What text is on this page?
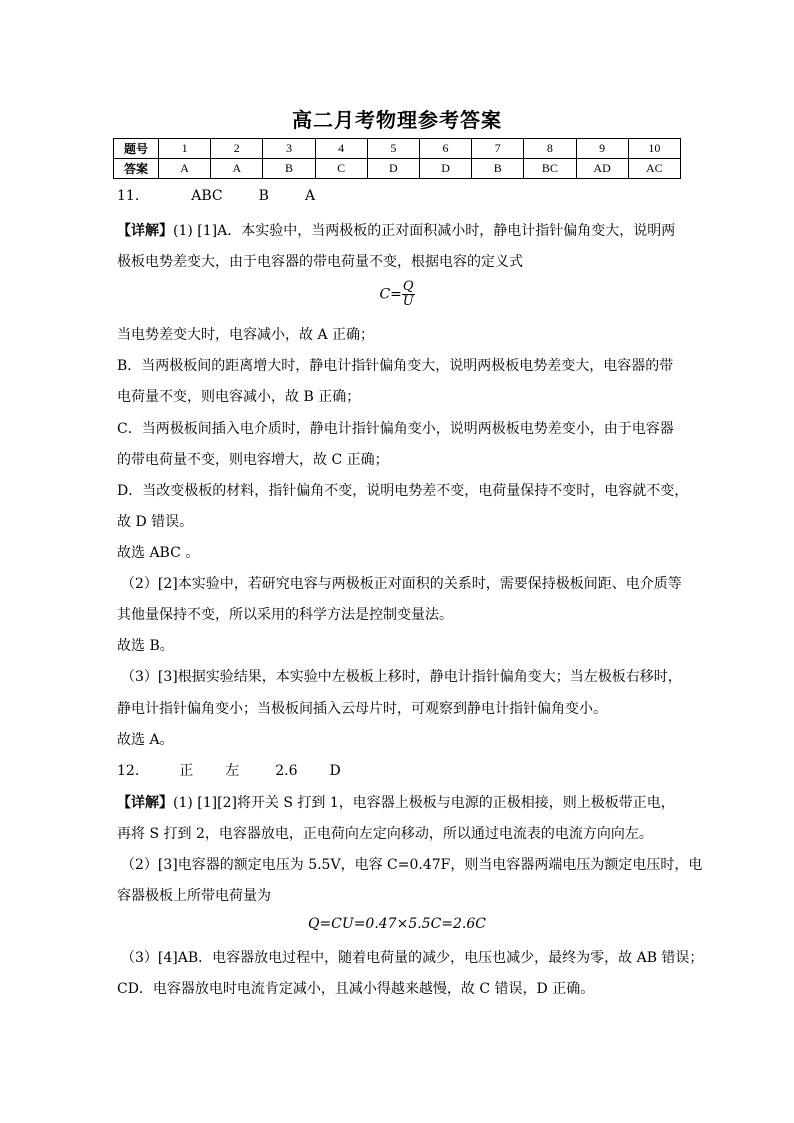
高二月考物理参考答案
题号	1	2	3	4	5	6	7	8	9	10
答案	A	A	B	C	D	D	B	BC	AD	AC
11.	ABC	B	A
【详解】(1) [1]A．本实验中，当两极板的正对面积减小时，静电计指针偏角变大，说明两
极板电势差变大，由于电容器的带电荷量不变，根据电容的定义式
$C= \frac{Q}{U}$
当电势差变大时，电容减小，故 A 正确；
B．当两极板间的距离增大时，静电计指针偏角变大，说明两极板电势差变大，电容器的带
电荷量不变，则电容减小，故 B 正确；
C．当两极板间插入电介质时，静电计指针偏角变小，说明两极板电势差变小，由于电容器
的带电荷量不变，则电容增大，故 C 正确；
D．当改变极板的材料，指针偏角不变，说明电势差不变，电荷量保持不变时，电容就不变，
故 D 错误。
故选 ABC 。
（2）[2]本实验中，若研究电容与两极板正对面积的关系时，需要保持极板间距、电介质等
其他量保持不变，所以采用的科学方法是控制变量法。
故选 B。
（3）[3]根据实验结果，本实验中左极板上移时，静电计指针偏角变大；当左极板右移时，
静电计指针偏角变小；当极板间插入云母片时，可观察到静电计指针偏角变小。
故选 A。
12.	正 左	2.6 D
【详解】(1) [1][2]将开关 S 打到 1，电容器上极板与电源的正极相接，则上极板带正电，
再将 S 打到 2，电容器放电，正电荷向左定向移动，所以通过电流表的电流方向向左。
（2）[3]电容器的额定电压为 5.5V，电容 C=0.47F，则当电容器两端电压为额定电压时，电
容器极板上所带电荷量为
Q=CU=0.47×5.5C=2.6C
（3）[4]AB．电容器放电过程中，随着电荷量的减少，电压也减少，最终为零，故 AB 错误；
CD．电容器放电时电流肯定减小，且减小得越来越慢，故 C 错误，D 正确。
